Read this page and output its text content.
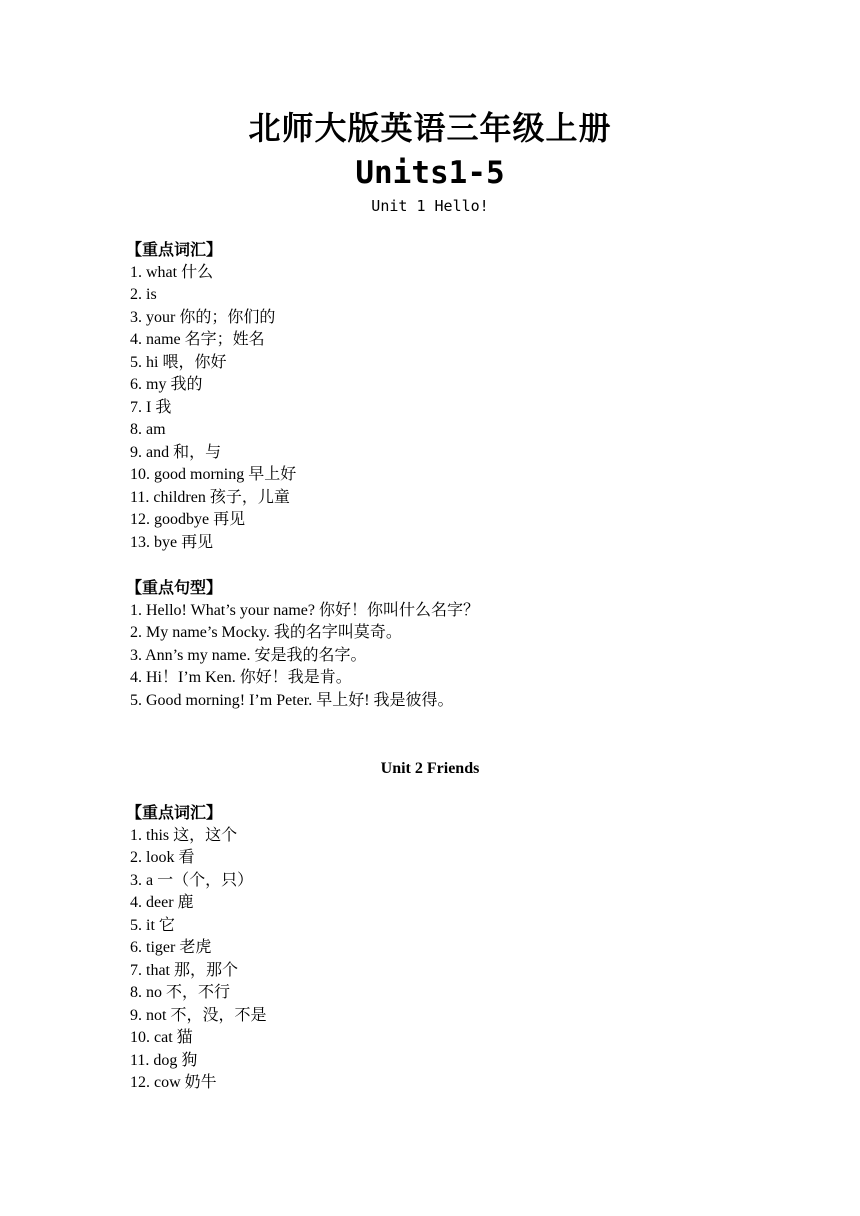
北师大版英语三年级上册
Units1-5
Unit 1 Hello!
【重点词汇】
1. what 什么
2. is
3. your 你的；你们的
4. name 名字；姓名
5. hi 喂，你好
6. my 我的
7. I 我
8. am
9. and 和，与
10. good morning 早上好
11. children 孩子，儿童
12. goodbye 再见
13. bye 再见
【重点句型】
1. Hello! What’s your name? 你好！你叫什么名字？
2. My name’s Mocky. 我的名字叫莫奇。
3. Ann’s my name. 安是我的名字。
4. Hi！I’m Ken. 你好！我是肯。
5. Good morning! I’m Peter. 早上好! 我是彼得。
Unit 2 Friends
【重点词汇】
1. this 这，这个
2. look 看
3. a 一（个，只）
4. deer 鹿
5. it 它
6. tiger 老虎
7. that 那，那个
8. no 不，不行
9. not 不，没，不是
10. cat 猫
11. dog 狗
12. cow 奶牛
